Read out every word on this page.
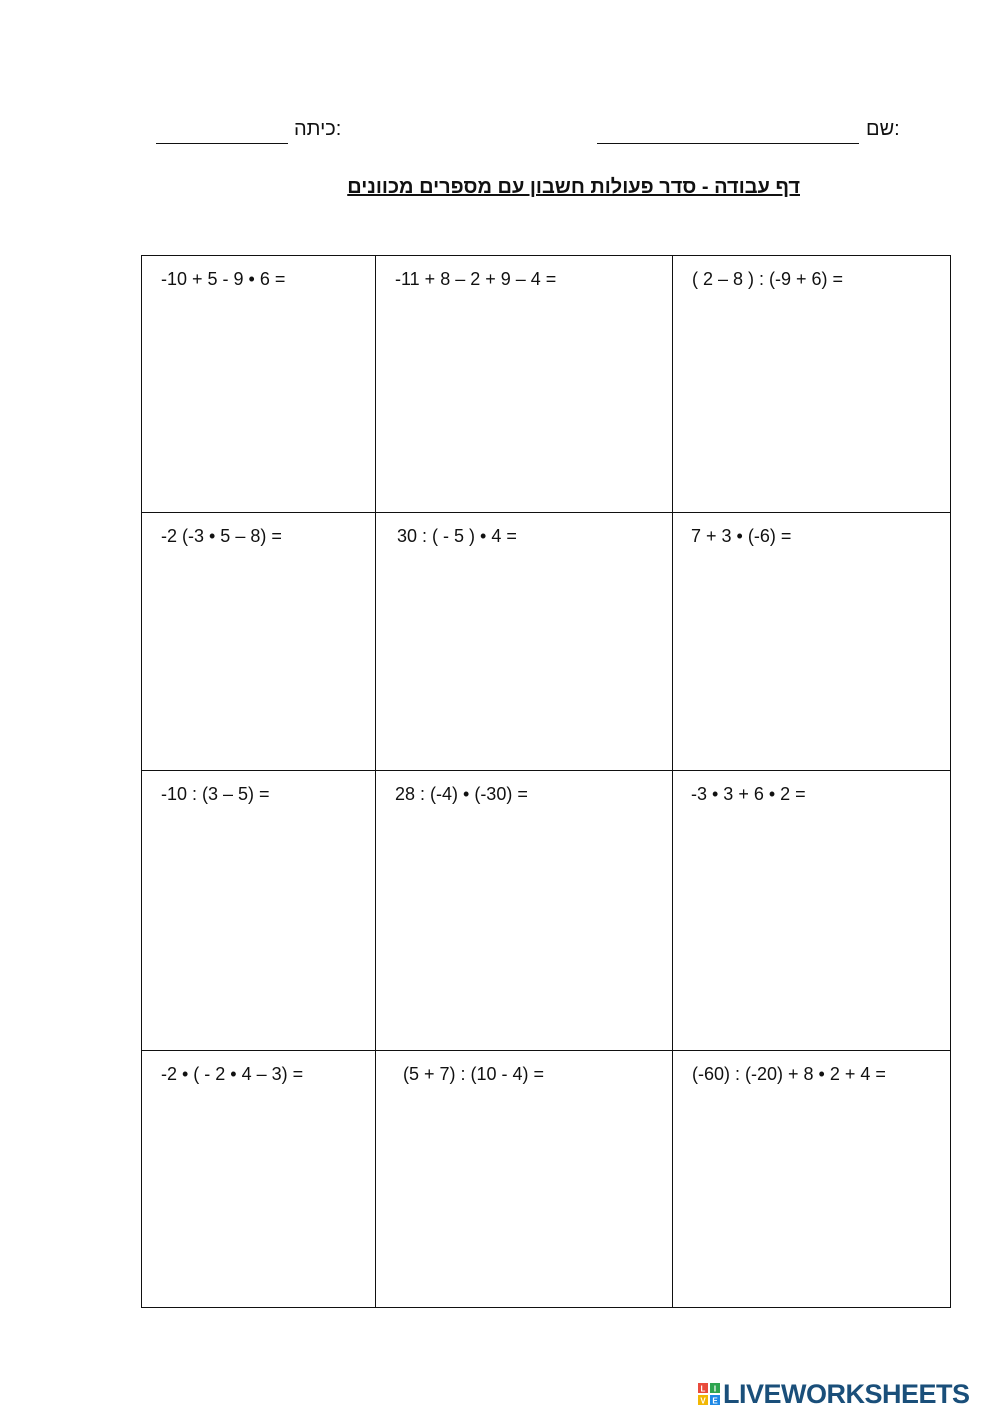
שם:
כיתה:
דף עבודה - סדר פעולות חשבון עם מספרים מכוונים
-10 + 5 - 9 • 6 =	-11 + 8 – 2 + 9 – 4 =	( 2 – 8 ) : (-9 + 6) =

-2 (-3 • 5 – 8) =	30 : ( - 5 ) • 4 =	7 + 3 • (-6) =

-10 : (3 – 5) =	28 : (-4) • (-30) =	-3 • 3 + 6 • 2 =

-2 • ( - 2 • 4 – 3) =	(5 + 7) : (10 - 4) =	(-60) : (-20) + 8 • 2 + 4 =
L I
V E LIVEWORKSHEETS
